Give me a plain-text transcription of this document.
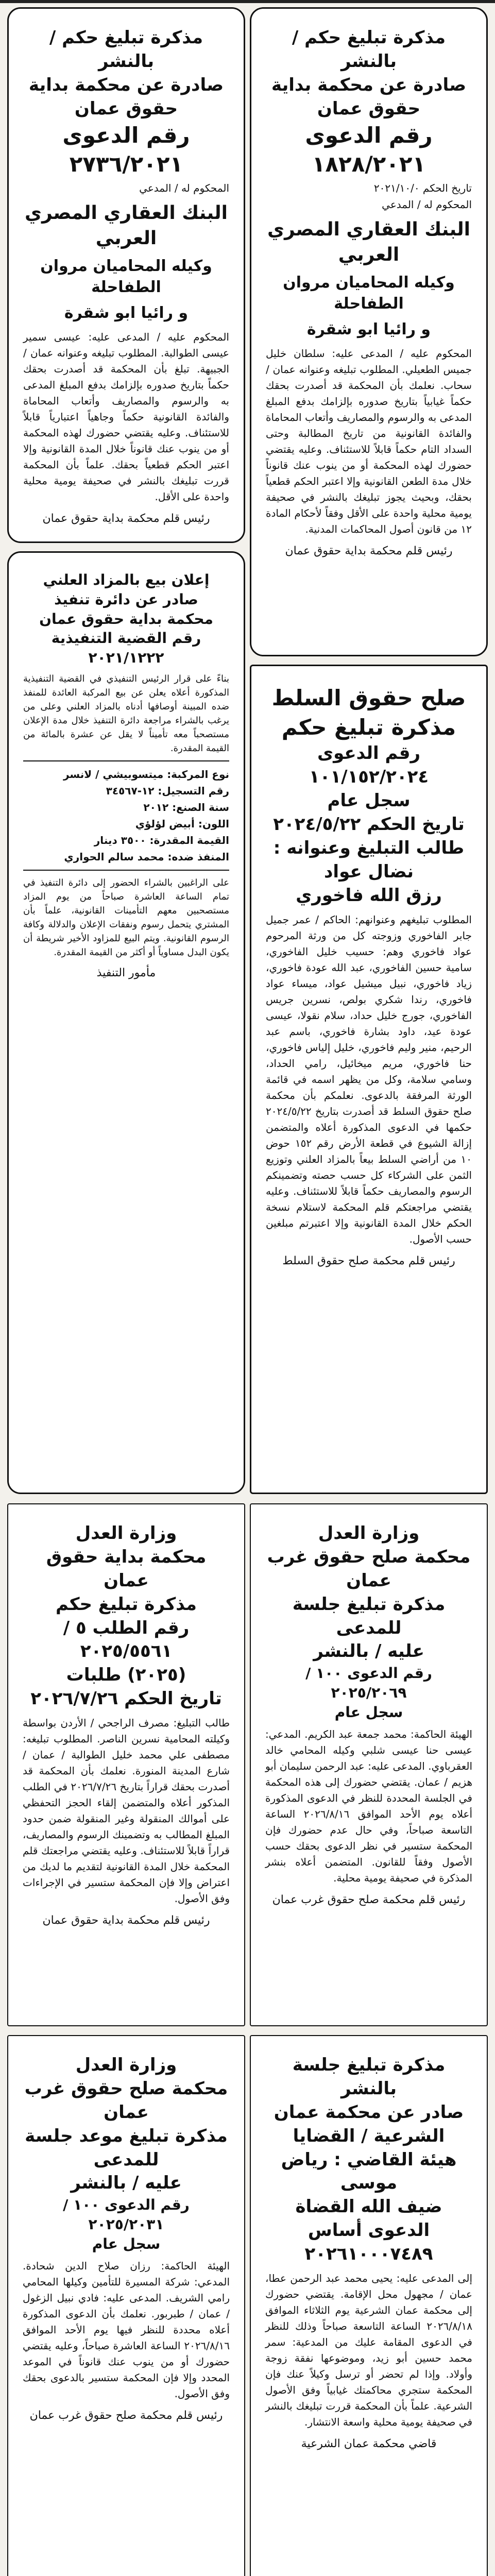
مذكرة تبليغ حكم / بالنشر

صادرة عن محكمة بداية حقوق عمان

رقم الدعوى ١٨٢٨/٢٠٢١

تاريخ الحكم ٢٠٢١/١٠/٠

المحكوم له / المدعي

البنك العقاري المصري العربي

وكيله المحاميان مروان الطفاحلة

و رائيا ابو شقرة

المحكوم عليه / المدعى عليه: سلطان خليل جميس الطعيلي. المطلوب تبليغه وعنوانه عمان / سحاب. نعلمك بأن المحكمة قد أصدرت بحقك حكماً غيابياً بتاريخ صدوره بإلزامك بدفع المبلغ المدعى به والرسوم والمصاريف وأتعاب المحاماة والفائدة القانونية من تاريخ المطالبة وحتى السداد التام حكماً قابلاً للاستئناف. وعليه يقتضي حضورك لهذه المحكمة أو من ينوب عنك قانوناً خلال مدة الطعن القانونية وإلا اعتبر الحكم قطعياً بحقك، وبحيث يجوز تبليغك بالنشر في صحيفة يومية محلية واحدة على الأقل وفقاً لأحكام المادة ١٢ من قانون أصول المحاكمات المدنية.

رئيس قلم محكمة بداية حقوق عمان

مذكرة تبليغ حكم / بالنشر

صادرة عن محكمة بداية حقوق عمان

رقم الدعوى ٢٧٣٦/٢٠٢١

المحكوم له / المدعي

البنك العقاري المصري العربي

وكيله المحاميان مروان الطفاحلة

و رائيا ابو شقرة

المحكوم عليه / المدعى عليه: عيسى سمير عيسى الطوالبة. المطلوب تبليغه وعنوانه عمان / الجبيهة. تبلغ بأن المحكمة قد أصدرت بحقك حكماً بتاريخ صدوره بإلزامك بدفع المبلغ المدعى به والرسوم والمصاريف وأتعاب المحاماة والفائدة القانونية حكماً وجاهياً اعتبارياً قابلاً للاستئناف. وعليه يقتضي حضورك لهذه المحكمة أو من ينوب عنك قانوناً خلال المدة القانونية وإلا اعتبر الحكم قطعياً بحقك. علماً بأن المحكمة قررت تبليغك بالنشر في صحيفة يومية محلية واحدة على الأقل.

رئيس قلم محكمة بداية حقوق عمان

إعلان بيع بالمزاد العلني صادر عن دائرة تنفيذ

محكمة بداية حقوق عمان

رقم القضية التنفيذية ٢٠٢١/١٢٢٢

بناءً على قرار الرئيس التنفيذي في القضية التنفيذية المذكورة أعلاه يعلن عن بيع المركبة العائدة للمنفذ ضده المبينة أوصافها أدناه بالمزاد العلني وعلى من يرغب بالشراء مراجعة دائرة التنفيذ خلال مدة الإعلان مستصحباً معه تأميناً لا يقل عن عشرة بالمائة من القيمة المقدرة.

نوع المركبة: ميتسوبيشي / لانسر

رقم التسجيل: ١٢-٣٤٥٦٧

سنة الصنع: ٢٠١٢

اللون: أبيض لؤلؤي

القيمة المقدرة: ٣٥٠٠ دينار

المنفذ ضده: محمد سالم الحواري

على الراغبين بالشراء الحضور إلى دائرة التنفيذ في تمام الساعة العاشرة صباحاً من يوم المزاد مستصحبين معهم التأمينات القانونية، علماً بأن المشتري يتحمل رسوم ونفقات الإعلان والدلالة وكافة الرسوم القانونية. ويتم البيع للمزاود الأخير شريطة أن يكون البدل مساوياً أو أكثر من القيمة المقدرة.

مأمور التنفيذ

صلح حقوق السلط

مذكرة تبليغ حكم

رقم الدعوى ١٠١/١٥٢/٢٠٢٤

سجل عام

تاريخ الحكم ٢٠٢٤/٥/٢٢

طالب التبليغ وعنوانه : نضال عواد

رزق الله فاخوري

المطلوب تبليغهم وعنوانهم: الحاكم / عمر جميل جابر الفاخوري وزوجته كل من ورثة المرحوم عواد فاخوري وهم: حسيب خليل الفاخوري، سامية حسين الفاخوري، عبد الله عودة فاخوري، زياد فاخوري، نبيل ميشيل عواد، ميساء عواد فاخوري، رندا شكري بولص، نسرين جريس الفاخوري، جورج خليل حداد، سلام نقولا، عيسى عودة عيد، داود بشارة فاخوري، باسم عبد الرحيم، منير وليم فاخوري، خليل إلياس فاخوري، حنا فاخوري، مريم ميخائيل، رامي الحداد، وسامي سلامة، وكل من يظهر اسمه في قائمة الورثة المرفقة بالدعوى. نعلمكم بأن محكمة صلح حقوق السلط قد أصدرت بتاريخ ٢٠٢٤/٥/٢٢ حكمها في الدعوى المذكورة أعلاه والمتضمن إزالة الشيوع في قطعة الأرض رقم ١٥٢ حوض ١٠ من أراضي السلط بيعاً بالمزاد العلني وتوزيع الثمن على الشركاء كل حسب حصته وتضمينكم الرسوم والمصاريف حكماً قابلاً للاستئناف. وعليه يقتضي مراجعتكم قلم المحكمة لاستلام نسخة الحكم خلال المدة القانونية وإلا اعتبرتم مبلغين حسب الأصول.

رئيس قلم محكمة صلح حقوق السلط

وزارة العدل

محكمة بداية حقوق عمان

مذكرة تبليغ حكم

رقم الطلب ٥ / ٢٠٢٥/٥٥٦١

(٢٠٢٥) طلبات

تاريخ الحكم ٢٠٢٦/٧/٢٦

طالب التبليغ: مصرف الراجحي / الأردن بواسطة وكيلته المحامية نسرين الناصر. المطلوب تبليغه: مصطفى علي محمد خليل الطوالبة / عمان / شارع المدينة المنورة. نعلمك بأن المحكمة قد أصدرت بحقك قراراً بتاريخ ٢٠٢٦/٧/٢٦ في الطلب المذكور أعلاه والمتضمن إلقاء الحجز التحفظي على أموالك المنقولة وغير المنقولة ضمن حدود المبلغ المطالب به وتضمينك الرسوم والمصاريف، قراراً قابلاً للاستئناف. وعليه يقتضي مراجعتك قلم المحكمة خلال المدة القانونية لتقديم ما لديك من اعتراض وإلا فإن المحكمة ستسير في الإجراءات وفق الأصول.

رئيس قلم محكمة بداية حقوق عمان

وزارة العدل

محكمة صلح حقوق غرب عمان

مذكرة تبليغ جلسة للمدعى

عليه / بالنشر

رقم الدعوى ١٠٠ / ٢٠٢٥/٢٠٦٩

سجل عام

الهيئة الحاكمة: محمد جمعة عبد الكريم. المدعي: عيسى حنا عيسى شلبي وكيله المحامي خالد العقرباوي. المدعى عليه: عبد الرحمن سليمان أبو هزيم / عمان. يقتضي حضورك إلى هذه المحكمة في الجلسة المحددة للنظر في الدعوى المذكورة أعلاه يوم الأحد الموافق ٢٠٢٦/٨/١٦ الساعة التاسعة صباحاً، وفي حال عدم حضورك فإن المحكمة ستسير في نظر الدعوى بحقك حسب الأصول وفقاً للقانون. المتضمن أعلاه بنشر المذكرة في صحيفة يومية محلية.

رئيس قلم محكمة صلح حقوق غرب عمان

وزارة العدل

محكمة صلح حقوق غرب عمان

مذكرة تبليغ موعد جلسة للمدعى

عليه / بالنشر

رقم الدعوى ١٠٠ / ٢٠٢٥/٢٠٣١

سجل عام

الهيئة الحاكمة: رزان صلاح الدين شحادة. المدعي: شركة المسيرة للتأمين وكيلها المحامي رامي الشريف. المدعى عليه: فادي نبيل الزغول / عمان / طبربور. نعلمك بأن الدعوى المذكورة أعلاه محددة للنظر فيها يوم الأحد الموافق ٢٠٢٦/٨/١٦ الساعة العاشرة صباحاً، وعليه يقتضي حضورك أو من ينوب عنك قانوناً في الموعد المحدد وإلا فإن المحكمة ستسير بالدعوى بحقك وفق الأصول.

رئيس قلم محكمة صلح حقوق غرب عمان

مذكرة تبليغ جلسة بالنشر

صادر عن محكمة عمان

الشرعية / القضايا

هيئة القاضي : رياض موسى

ضيف الله القضاة

الدعوى أساس

٢٠٢٦١٠٠٠٧٤٨٩

إلى المدعى عليه: يحيى محمد عبد الرحمن عطا، عمان / مجهول محل الإقامة. يقتضي حضورك إلى محكمة عمان الشرعية يوم الثلاثاء الموافق ٢٠٢٦/٨/١٨ الساعة التاسعة صباحاً وذلك للنظر في الدعوى المقامة عليك من المدعية: سمر محمد حسين أبو زيد، وموضوعها نفقة زوجة وأولاد. وإذا لم تحضر أو ترسل وكيلاً عنك فإن المحكمة ستجري محاكمتك غيابياً وفق الأصول الشرعية. علماً بأن المحكمة قررت تبليغك بالنشر في صحيفة يومية محلية واسعة الانتشار.

قاضي محكمة عمان الشرعية
